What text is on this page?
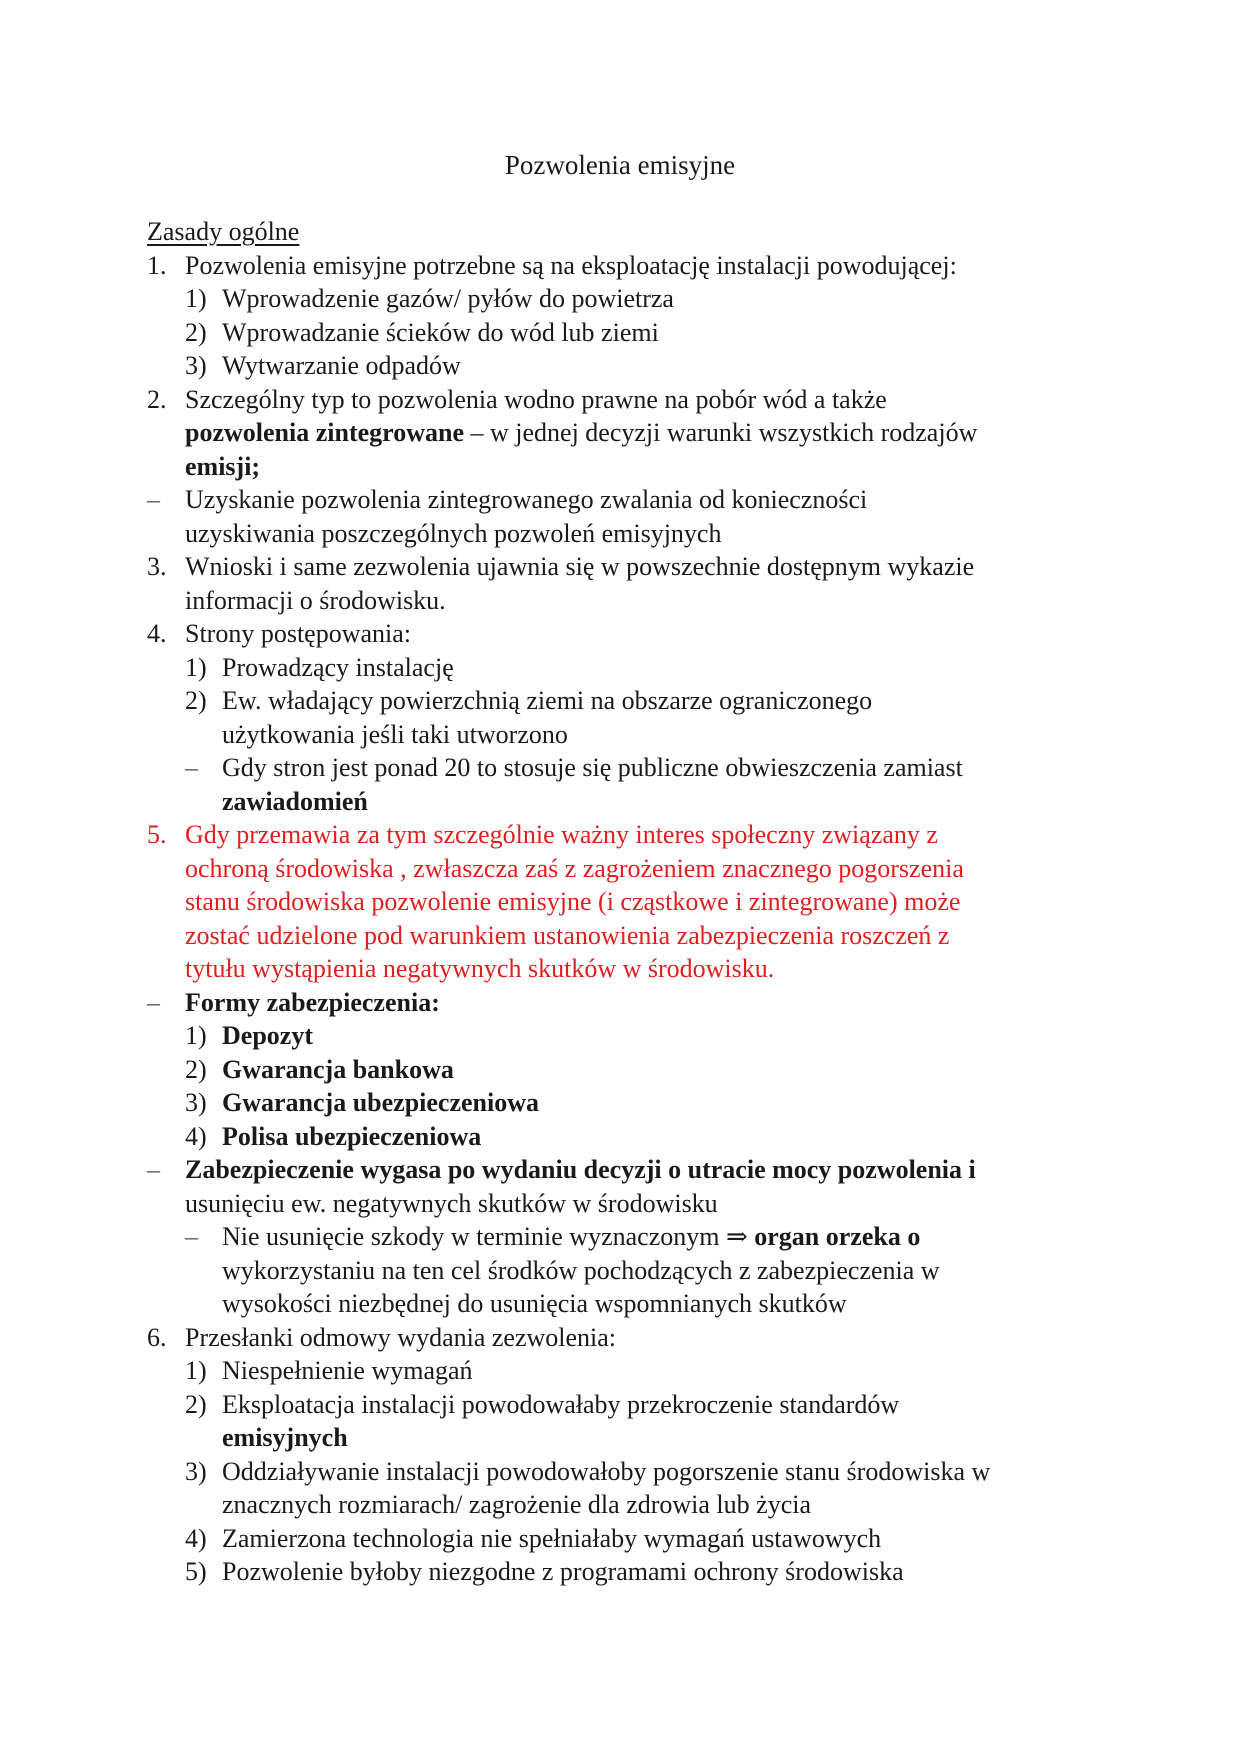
Pozwolenia emisyjne

Zasady ogólne

1. Pozwolenia emisyjne potrzebne są na eksploatację instalacji powodującej:
1) Wprowadzenie gazów/ pyłów do powietrza
2) Wprowadzanie ścieków do wód lub ziemi
3) Wytwarzanie odpadów
2. Szczególny typ to pozwolenia wodno prawne na pobór wód a także
pozwolenia zintegrowane – w jednej decyzji warunki wszystkich rodzajów
emisji;
– Uzyskanie pozwolenia zintegrowanego zwalania od konieczności
uzyskiwania poszczególnych pozwoleń emisyjnych
3. Wnioski i same zezwolenia ujawnia się w powszechnie dostępnym wykazie
informacji o środowisku.
4. Strony postępowania:
1) Prowadzący instalację
2) Ew. władający powierzchnią ziemi na obszarze ograniczonego
użytkowania jeśli taki utworzono
– Gdy stron jest ponad 20 to stosuje się publiczne obwieszczenia zamiast
zawiadomień
5. Gdy przemawia za tym szczególnie ważny interes społeczny związany z
ochroną środowiska , zwłaszcza zaś z zagrożeniem znacznego pogorszenia
stanu środowiska pozwolenie emisyjne (i cząstkowe i zintegrowane) może
zostać udzielone pod warunkiem ustanowienia zabezpieczenia roszczeń z
tytułu wystąpienia negatywnych skutków w środowisku.
– Formy zabezpieczenia:
1) Depozyt
2) Gwarancja bankowa
3) Gwarancja ubezpieczeniowa
4) Polisa ubezpieczeniowa
– Zabezpieczenie wygasa po wydaniu decyzji o utracie mocy pozwolenia i
usunięciu ew. negatywnych skutków w środowisku
– Nie usunięcie szkody w terminie wyznaczonym ⇒ organ orzeka o
wykorzystaniu na ten cel środków pochodzących z zabezpieczenia w
wysokości niezbędnej do usunięcia wspomnianych skutków
6. Przesłanki odmowy wydania zezwolenia:
1) Niespełnienie wymagań
2) Eksploatacja instalacji powodowałaby przekroczenie standardów
emisyjnych
3) Oddziaływanie instalacji powodowałoby pogorszenie stanu środowiska w
znacznych rozmiarach/ zagrożenie dla zdrowia lub życia
4) Zamierzona technologia nie spełniałaby wymagań ustawowych
5) Pozwolenie byłoby niezgodne z programami ochrony środowiska
